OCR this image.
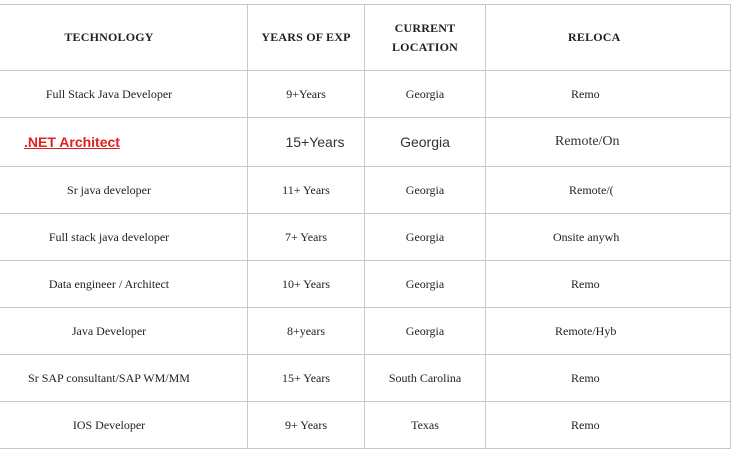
TECHNOLOGY	YEARS OF EXP	CURRENT LOCATION	RELOCA
Full Stack Java Developer	9+Years	Georgia	Remo
.NET Architect	15+Years	Georgia	Remote/On
Sr java developer	11+ Years	Georgia	Remote/(
Full stack java developer	7+ Years	Georgia	Onsite anywh
Data engineer / Architect	10+ Years	Georgia	Remo
Java Developer	8+years	Georgia	Remote/Hyb
Sr SAP consultant/SAP WM/MM	15+ Years	South Carolina	Remo
IOS Developer	9+ Years	Texas	Remo
